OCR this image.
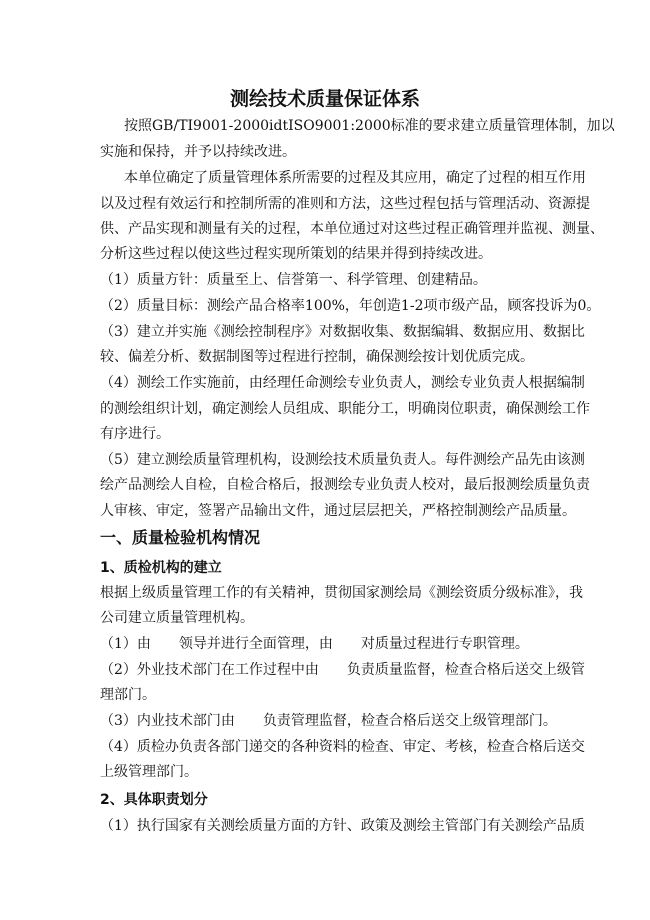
测绘技术质量保证体系
按照GB/TI9001-2000idtISO9001:2000标准的要求建立质量管理体制，加以
实施和保持，并予以持续改进。
本单位确定了质量管理体系所需要的过程及其应用，确定了过程的相互作用
以及过程有效运行和控制所需的准则和方法，这些过程包括与管理活动、资源提
供、产品实现和测量有关的过程，本单位通过对这些过程正确管理并监视、测量、
分析这些过程以使这些过程实现所策划的结果并得到持续改进。
（1）质量方针：质量至上、信誉第一、科学管理、创建精品。
（2）质量目标：测绘产品合格率100%，年创造1-2项市级产品，顾客投诉为0。
（3）建立并实施《测绘控制程序》对数据收集、数据编辑、数据应用、数据比
较、偏差分析、数据制图等过程进行控制，确保测绘按计划优质完成。
（4）测绘工作实施前，由经理任命测绘专业负责人，测绘专业负责人根据编制
的测绘组织计划，确定测绘人员组成、职能分工，明确岗位职责，确保测绘工作
有序进行。
（5）建立测绘质量管理机构，设测绘技术质量负责人。每件测绘产品先由该测
绘产品测绘人自检，自检合格后，报测绘专业负责人校对，最后报测绘质量负责
人审核、审定，签署产品输出文件，通过层层把关，严格控制测绘产品质量。
一、质量检验机构情况
1、质检机构的建立
根据上级质量管理工作的有关精神，贯彻国家测绘局《测绘资质分级标准》，我
公司建立质量管理机构。
（1）由　　领导并进行全面管理，由　　对质量过程进行专职管理。
（2）外业技术部门在工作过程中由　　负责质量监督，检查合格后送交上级管
理部门。
（3）内业技术部门由　　负责管理监督，检查合格后送交上级管理部门。
（4）质检办负责各部门递交的各种资料的检查、审定、考核，检查合格后送交
上级管理部门。
2、具体职责划分
（1）执行国家有关测绘质量方面的方针、政策及测绘主管部门有关测绘产品质
